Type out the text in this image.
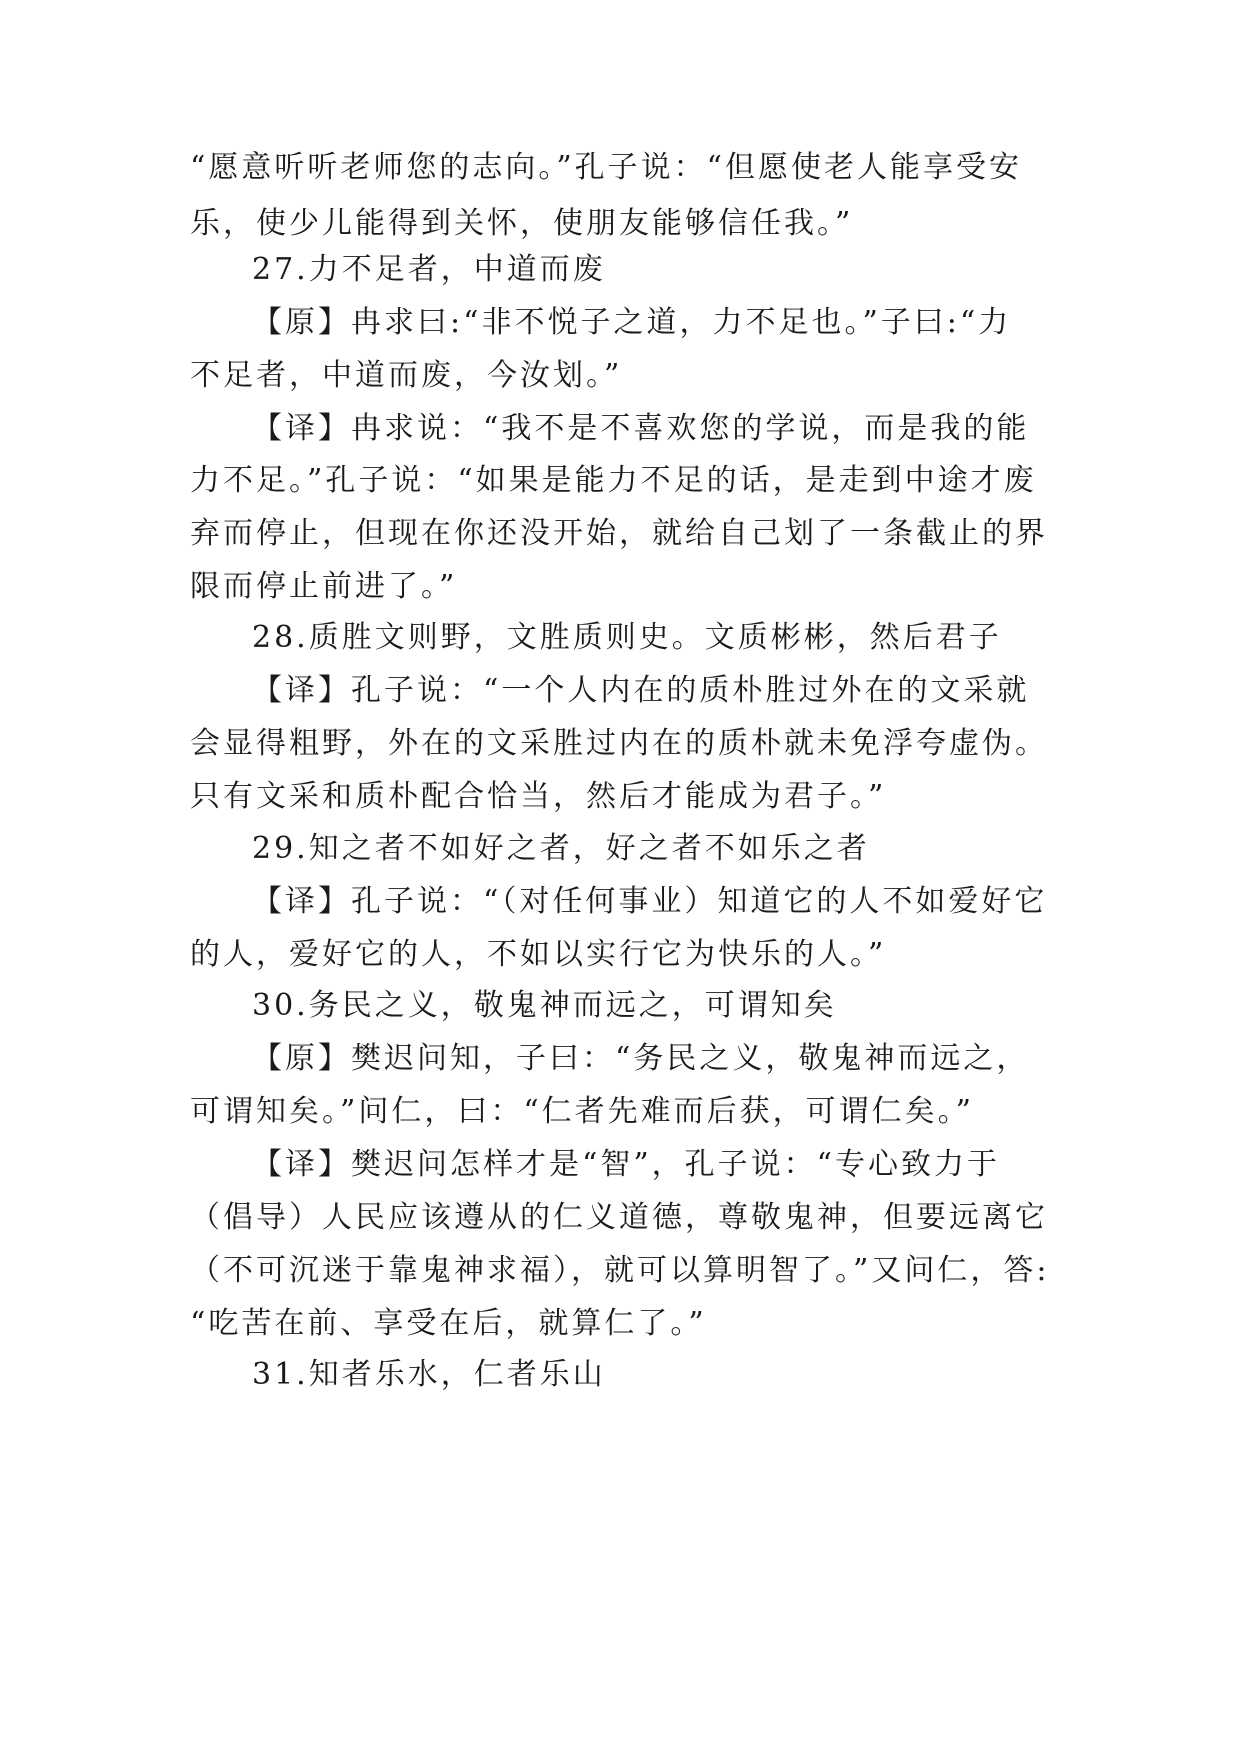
“愿意听听老师您的志向。”孔子说：“但愿使老人能享受安
乐，使少儿能得到关怀，使朋友能够信任我。”
27.力不足者，中道而废
【原】冉求曰:“非不悦子之道，力不足也。”子曰:“力
不足者，中道而废，今汝划。”
【译】冉求说：“我不是不喜欢您的学说，而是我的能
力不足。”孔子说：“如果是能力不足的话，是走到中途才废
弃而停止，但现在你还没开始，就给自己划了一条截止的界
限而停止前进了。”
28.质胜文则野，文胜质则史。文质彬彬，然后君子
【译】孔子说：“一个人内在的质朴胜过外在的文采就
会显得粗野，外在的文采胜过内在的质朴就未免浮夸虚伪。
只有文采和质朴配合恰当，然后才能成为君子。”
29.知之者不如好之者，好之者不如乐之者
【译】孔子说：“（对任何事业）知道它的人不如爱好它
的人，爱好它的人，不如以实行它为快乐的人。”
30.务民之义，敬鬼神而远之，可谓知矣
【原】樊迟问知，子曰：“务民之义，敬鬼神而远之，
可谓知矣。”问仁，曰：“仁者先难而后获，可谓仁矣。”
【译】樊迟问怎样才是“智”，孔子说：“专心致力于
（倡导）人民应该遵从的仁义道德，尊敬鬼神，但要远离它
（不可沉迷于靠鬼神求福），就可以算明智了。”又问仁，答:
“吃苦在前、享受在后，就算仁了。”
31.知者乐水，仁者乐山
